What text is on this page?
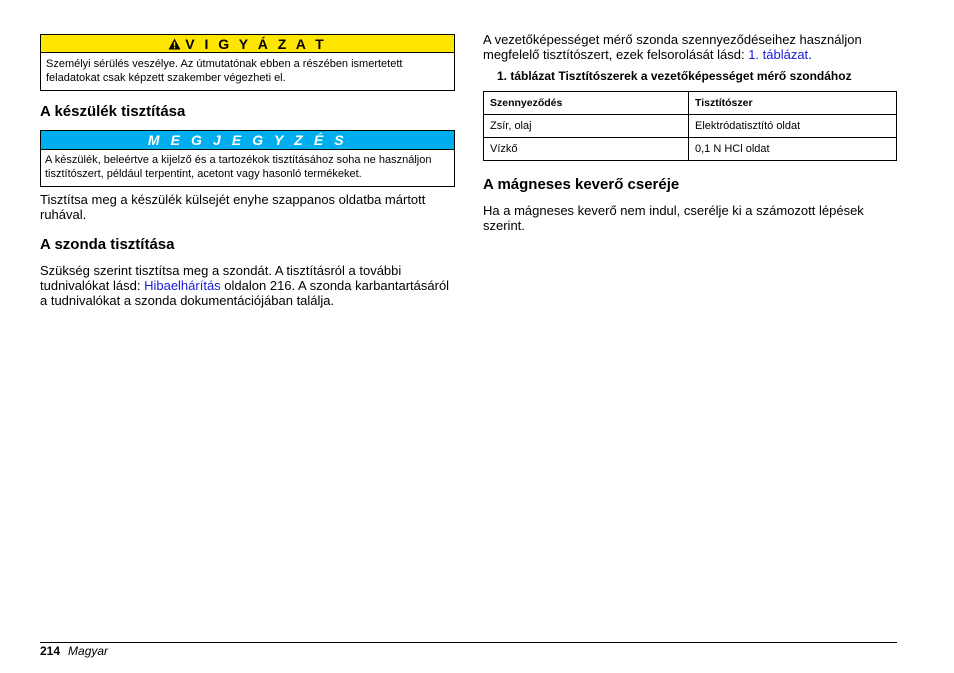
V I G Y Á Z A T
Személyi sérülés veszélye. Az útmutatónak ebben a részében ismertetett feladatokat csak képzett szakember végezheti el.
A készülék tisztítása
M E G J E G Y Z É S
A készülék, beleértve a kijelző és a tartozékok tisztításához soha ne használjon tisztítószert, például terpentint, acetont vagy hasonló termékeket.

Tisztítsa meg a készülék külsejét enyhe szappanos oldatba mártott ruhával.

A szonda tisztítása

Szükség szerint tisztítsa meg a szondát. A tisztításról a további tudnivalókat lásd: Hibaelhárítás oldalon 216. A szonda karbantartásáról a tudnivalókat a szonda dokumentációjában találja.

A vezetőképességet mérő szonda szennyeződéseihez használjon megfelelő tisztítószert, ezek felsorolását lásd: 1. táblázat.

1. táblázat Tisztítószerek a vezetőképességet mérő szondához
Szennyeződés	Tisztítószer
Zsír, olaj	Elektródatisztító oldat
Vízkő	0,1 N HCl oldat
A mágneses keverő cseréje

Ha a mágneses keverő nem indul, cserélje ki a számozott lépések szerint.

214 Magyar
